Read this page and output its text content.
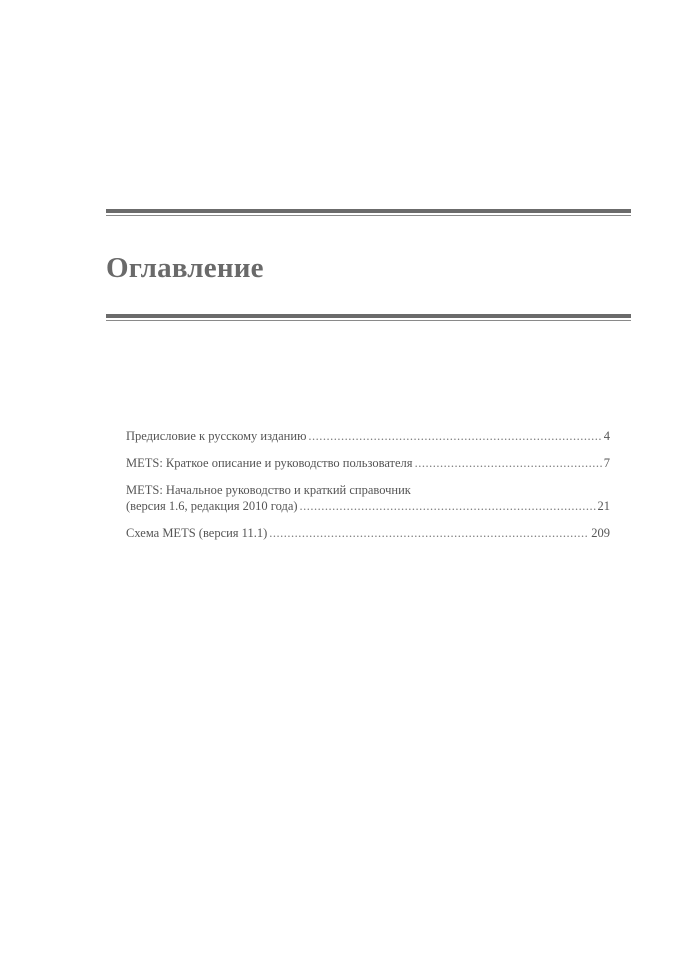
Оглавление
Предисловие к русскому изданию .....	4
METS: Краткое описание и руководство пользователя .....	7
METS: Начальное руководство и краткий справочник
(версия 1.6, редакция 2010 года) .....	21
Схема METS (версия 11.1) .....	209
